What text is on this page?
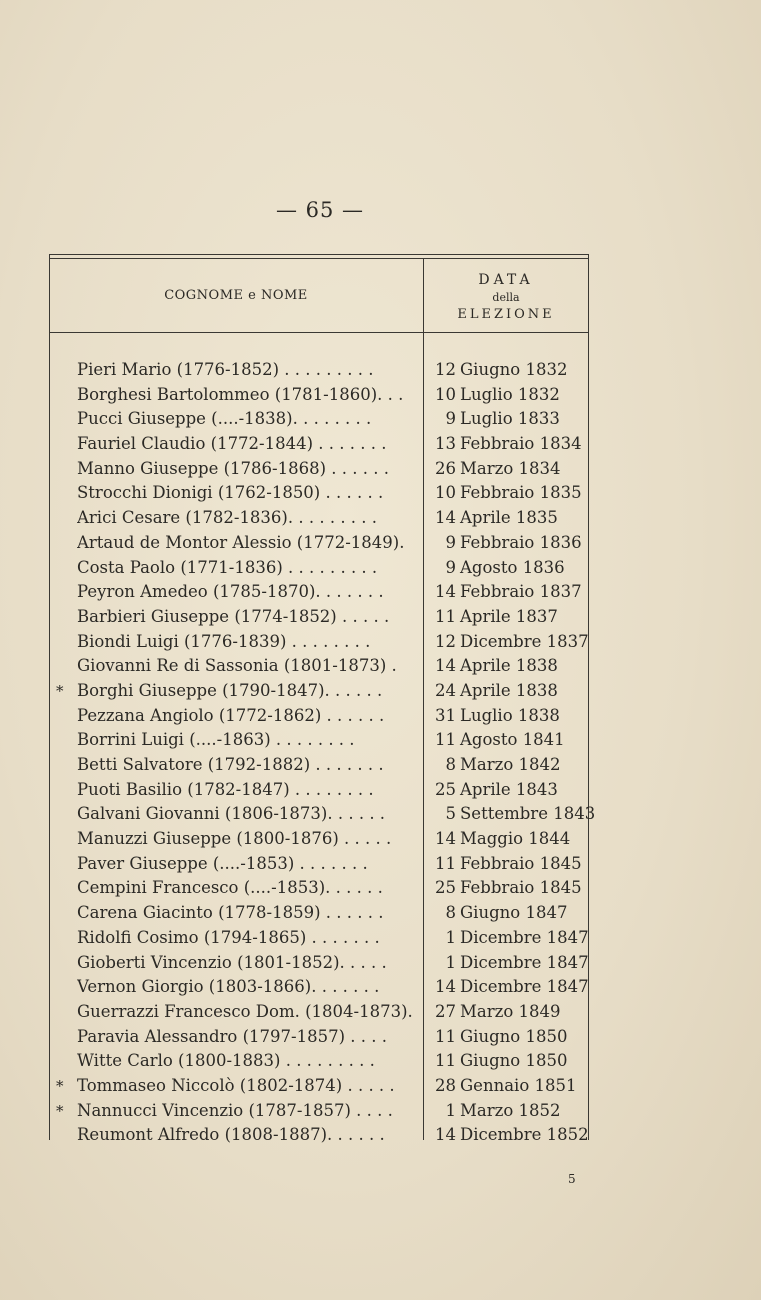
— 65 —
COGNOME e NOME
DATA
della
ELEZIONE
Pieri Mario (1776-1852) . . . . . . . . .	12 Giugno 1832
Borghesi Bartolommeo (1781-1860). . .	10 Luglio 1832
Pucci Giuseppe (....-1838). . . . . . . .	9 Luglio 1833
Fauriel Claudio (1772-1844) . . . . . . .	13 Febbraio 1834
Manno Giuseppe (1786-1868) . . . . . .	26 Marzo 1834
Strocchi Dionigi (1762-1850) . . . . . .	10 Febbraio 1835
Arici Cesare (1782-1836). . . . . . . . .	14 Aprile 1835
Artaud de Montor Alessio (1772-1849).	9 Febbraio 1836
Costa Paolo (1771-1836) . . . . . . . . .	9 Agosto 1836
Peyron Amedeo (1785-1870). . . . . . .	14 Febbraio 1837
Barbieri Giuseppe (1774-1852) . . . . .	11 Aprile 1837
Biondi Luigi (1776-1839) . . . . . . . .	12 Dicembre 1837
Giovanni Re di Sassonia (1801-1873) .	14 Aprile 1838
* Borghi Giuseppe (1790-1847). . . . . .	24 Aprile 1838
Pezzana Angiolo (1772-1862) . . . . . .	31 Luglio 1838
Borrini Luigi (....-1863) . . . . . . . .	11 Agosto 1841
Betti Salvatore (1792-1882) . . . . . . .	8 Marzo 1842
Puoti Basilio (1782-1847) . . . . . . . .	25 Aprile 1843
Galvani Giovanni (1806-1873). . . . . .	5 Settembre 1843
Manuzzi Giuseppe (1800-1876) . . . . .	14 Maggio 1844
Paver Giuseppe (....-1853) . . . . . . .	11 Febbraio 1845
Cempini Francesco (....-1853). . . . . .	25 Febbraio 1845
Carena Giacinto (1778-1859) . . . . . .	8 Giugno 1847
Ridolfi Cosimo (1794-1865) . . . . . . .	1 Dicembre 1847
Gioberti Vincenzio (1801-1852). . . . .	1 Dicembre 1847
Vernon Giorgio (1803-1866). . . . . . .	14 Dicembre 1847
Guerrazzi Francesco Dom. (1804-1873).	27 Marzo 1849
Paravia Alessandro (1797-1857) . . . .	11 Giugno 1850
Witte Carlo (1800-1883) . . . . . . . . .	11 Giugno 1850
* Tommaseo Niccolò (1802-1874) . . . . .	28 Gennaio 1851
* Nannucci Vincenzio (1787-1857) . . . .	1 Marzo 1852
Reumont Alfredo (1808-1887). . . . . .	14 Dicembre 1852
5
